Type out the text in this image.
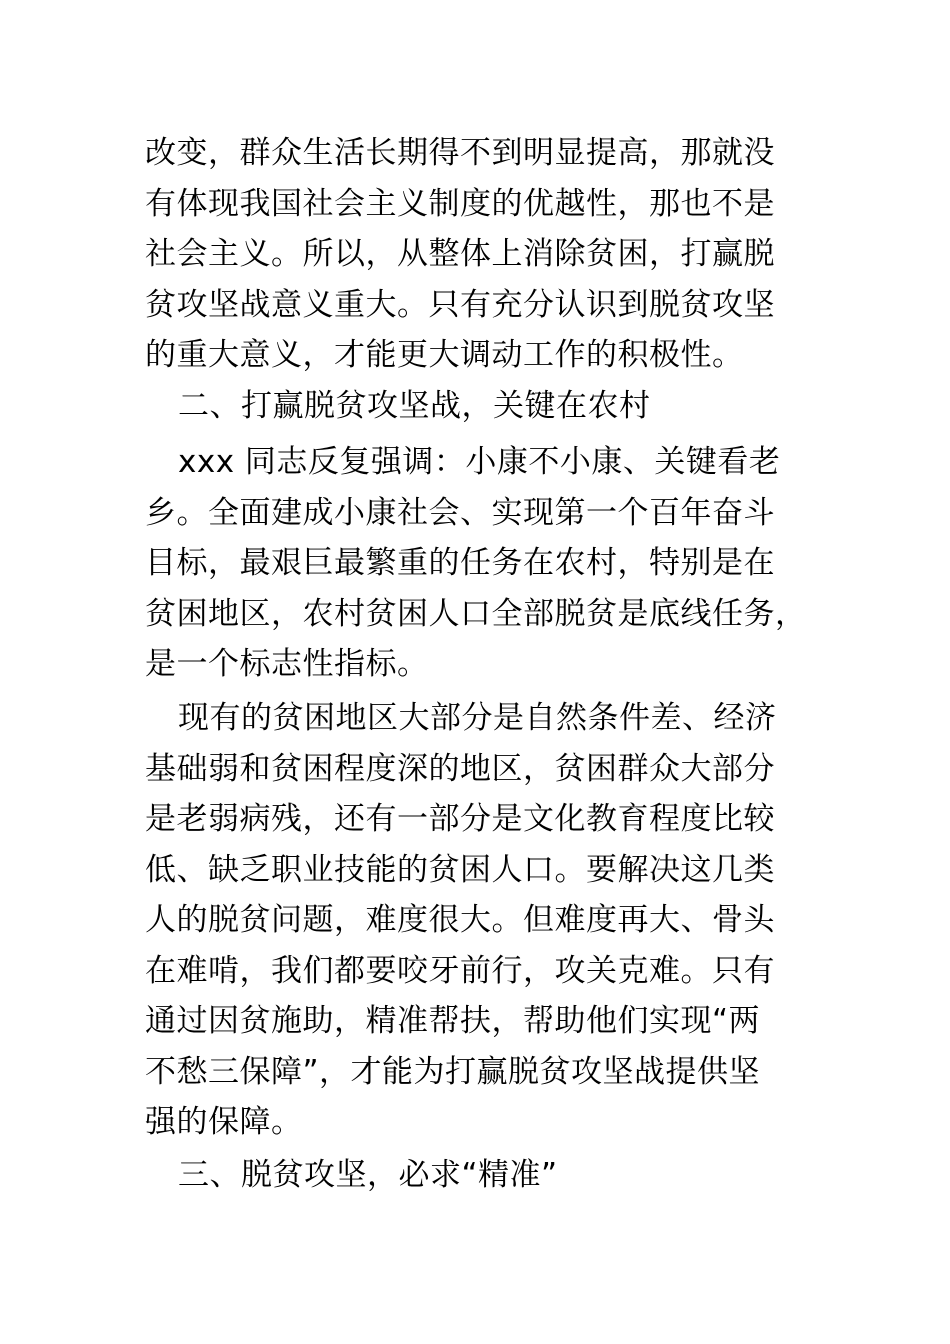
改变，群众生活长期得不到明显提高，那就没
有体现我国社会主义制度的优越性，那也不是
社会主义。所以，从整体上消除贫困，打赢脱
贫攻坚战意义重大。只有充分认识到脱贫攻坚
的重大意义，才能更大调动工作的积极性。
二、打赢脱贫攻坚战，关键在农村
xxx 同志反复强调：小康不小康、关键看老
乡。全面建成小康社会、实现第一个百年奋斗
目标，最艰巨最繁重的任务在农村，特别是在
贫困地区，农村贫困人口全部脱贫是底线任务，
是一个标志性指标。
现有的贫困地区大部分是自然条件差、经济
基础弱和贫困程度深的地区，贫困群众大部分
是老弱病残，还有一部分是文化教育程度比较
低、缺乏职业技能的贫困人口。要解决这几类
人的脱贫问题，难度很大。但难度再大、骨头
在难啃，我们都要咬牙前行，攻关克难。只有
通过因贫施助，精准帮扶，帮助他们实现“两
不愁三保障”，才能为打赢脱贫攻坚战提供坚
强的保障。
三、脱贫攻坚，必求“精准”
